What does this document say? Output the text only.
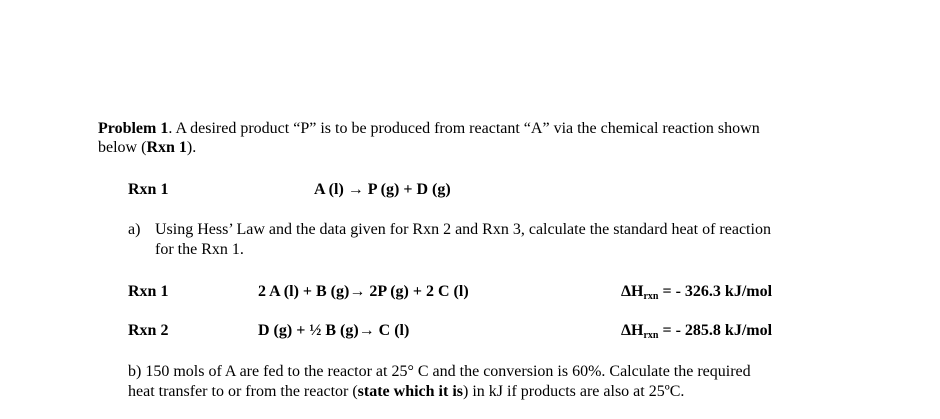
Problem 1. A desired product “P” is to be produced from reactant “A” via the chemical reaction shown
below (Rxn 1).
Rxn 1	A (l) → P (g) + D (g)
a) Using Hess’ Law and the data given for Rxn 2 and Rxn 3, calculate the standard heat of reaction
for the Rxn 1.
Rxn 1	2 A (l) + B (g)→ 2P (g) + 2 C (l)	$\Delta H_{rxn}$ = - 326.3 kJ/mol
Rxn 2	D (g) + ½ B (g)→ C (l)	$\Delta H_{rxn}$ = - 285.8 kJ/mol
b) 150 mols of A are fed to the reactor at 25° C and the conversion is 60%. Calculate the required
heat transfer to or from the reactor (state which it is) in kJ if products are also at 25ºC.
